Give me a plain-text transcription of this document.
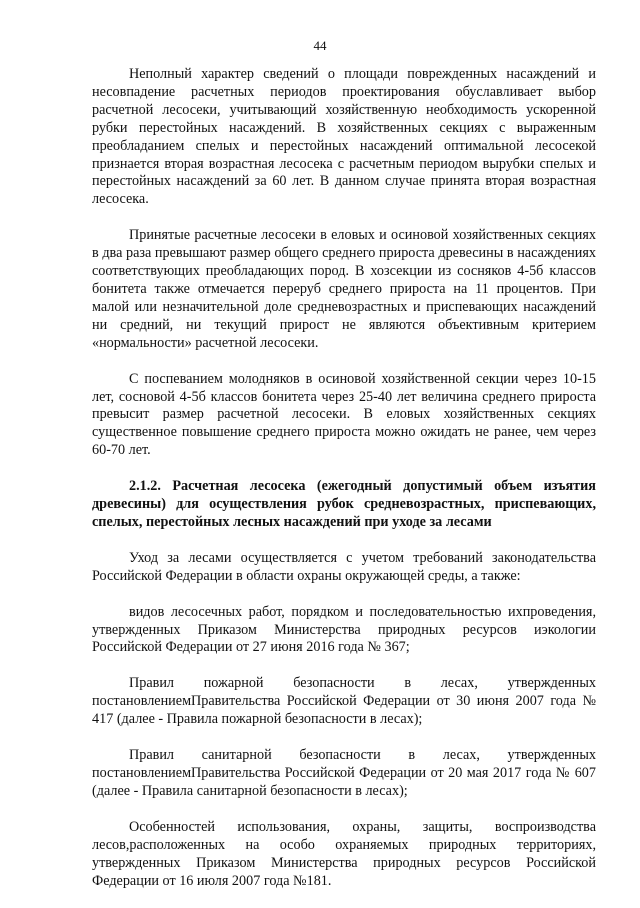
44

Неполный характер сведений о площади поврежденных насаждений и несовпадение расчетных периодов проектирования обуславливает выбор расчетной лесосеки, учитывающий хозяйственную необходимость ускоренной рубки перестойных насаждений. В хозяйственных секциях с выраженным преобладанием спелых и перестойных насаждений оптимальной лесосекой признается вторая возрастная лесосека с расчетным периодом вырубки спелых и перестойных насаждений за 60 лет. В данном случае принята вторая возрастная лесосека.

Принятые расчетные лесосеки в еловых и осиновой хозяйственных секциях в два раза превышают размер общего среднего прироста древесины в насаждениях соответствующих преобладающих пород. В хозсекции из сосняков 4-5б классов бонитета также отмечается переруб среднего прироста на 11 процентов. При малой или незначительной доле средневозрастных и приспевающих насаждений ни средний, ни текущий прирост не являются объективным критерием «нормальности» расчетной лесосеки.

С поспеванием молодняков в осиновой хозяйственной секции через 10-15 лет, сосновой 4-5б классов бонитета через 25-40 лет величина среднего прироста превысит размер расчетной лесосеки. В еловых хозяйственных секциях существенное повышение среднего прироста можно ожидать не ранее, чем через 60-70 лет.

2.1.2. Расчетная лесосека (ежегодный допустимый объем изъятия древесины) для осуществления рубок средневозрастных, приспевающих, спелых, перестойных лесных насаждений при уходе за лесами

Уход за лесами осуществляется с учетом требований законодательства Российской Федерации в области охраны окружающей среды, а также:

видов лесосечных работ, порядком и последовательностью ихпроведения, утвержденных Приказом Министерства природных ресурсов иэкологии Российской Федерации от 27 июня 2016 года № 367;

Правил пожарной безопасности в лесах, утвержденных постановлениемПравительства Российской Федерации от 30 июня 2007 года № 417 (далее - Правила пожарной безопасности в лесах);

Правил санитарной безопасности в лесах, утвержденных постановлениемПравительства Российской Федерации от 20 мая 2017 года № 607 (далее - Правила санитарной безопасности в лесах);

Особенностей использования, охраны, защиты, воспроизводства лесов,расположенных на особо охраняемых природных территориях, утвержденных Приказом Министерства природных ресурсов Российской Федерации от 16 июля 2007 года №181.
